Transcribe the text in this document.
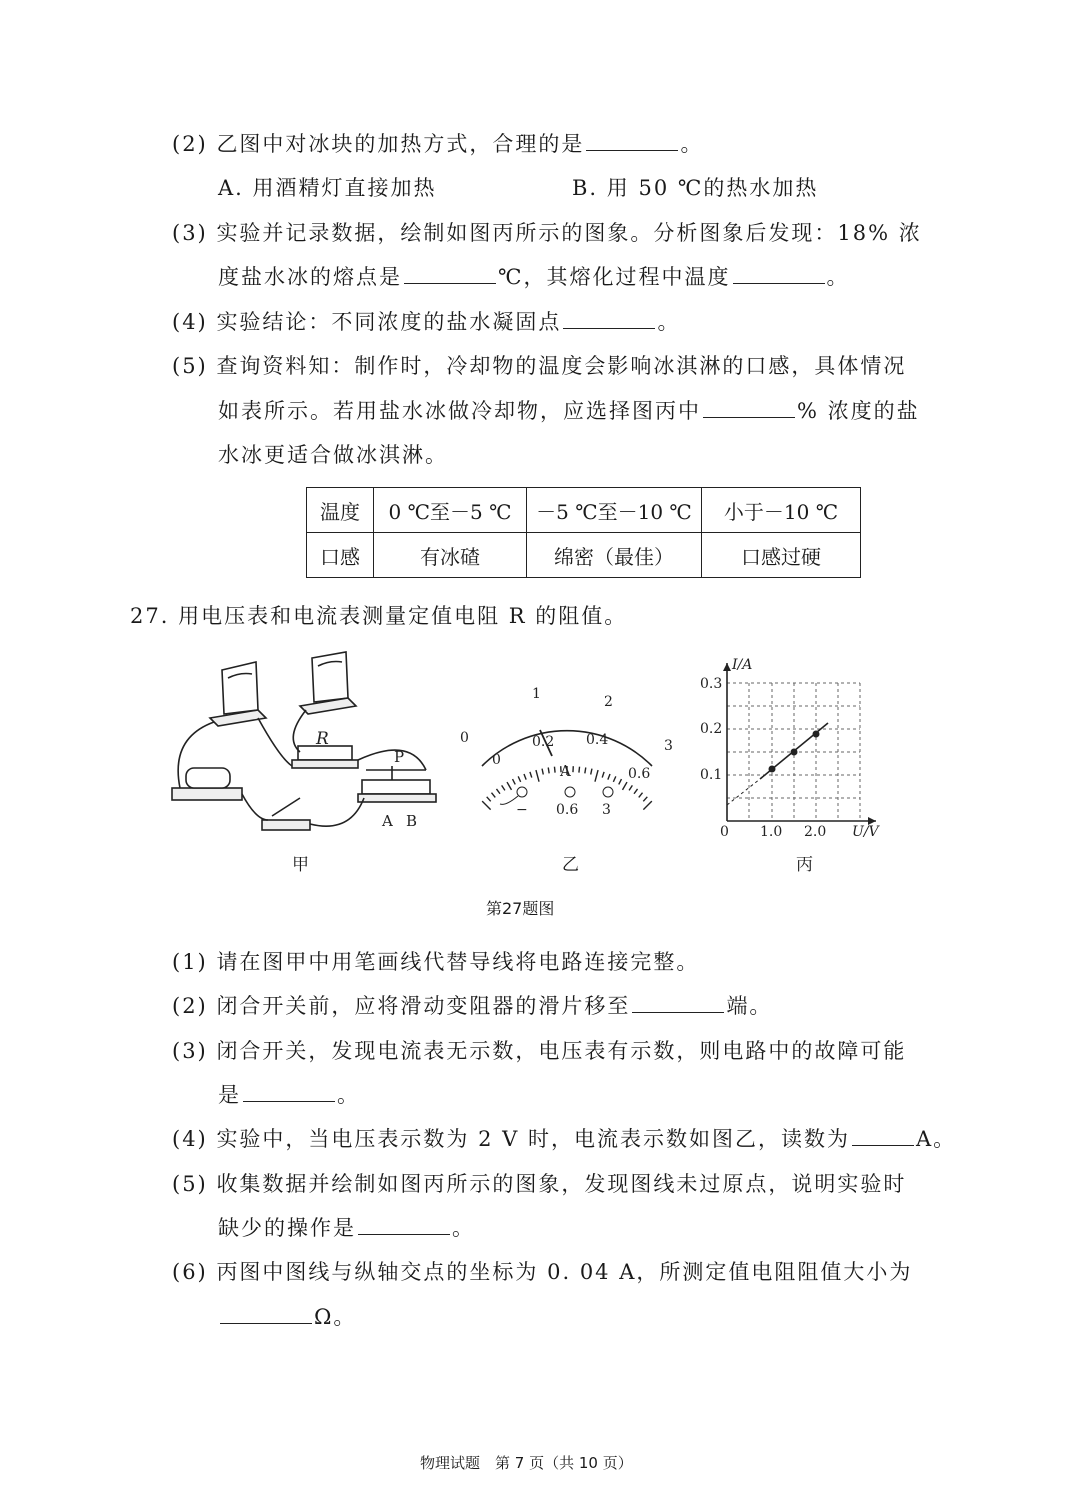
(2) 乙图中对冰块的加热方式，合理的是	。
A. 用酒精灯直接加热	B. 用 50 ℃的热水加热
(3) 实验并记录数据，绘制如图丙所示的图象。分析图象后发现：18% 浓
度盐水冰的熔点是	℃，其熔化过程中温度	。
(4) 实验结论：不同浓度的盐水凝固点	。
(5) 查询资料知：制作时，冷却物的温度会影响冰淇淋的口感，具体情况
如表所示。若用盐水冰做冷却物，应选择图丙中	% 浓度的盐
水冰更适合做冰淇淋。
温度	0 ℃至－5 ℃	－5 ℃至－10 ℃	小于－10 ℃
口感	有冰碴	绵密（最佳）	口感过硬
27. 用电压表和电流表测量定值电阻 R 的阻值。
R
P
A B
0
1	2
3
0
0.2 0.4
0.6
A
− 0.6 3
I/A
U/V
0
0.1
0.2
0.3
1.0 2.0
甲	乙	丙
第27题图
(1) 请在图甲中用笔画线代替导线将电路连接完整。
(2) 闭合开关前，应将滑动变阻器的滑片移至	端。
(3) 闭合开关，发现电流表无示数，电压表有示数，则电路中的故障可能
是	。
(4) 实验中，当电压表示数为 2 V 时，电流表示数如图乙，读数为	A。
(5) 收集数据并绘制如图丙所示的图象，发现图线未过原点，说明实验时
缺少的操作是	。
(6) 丙图中图线与纵轴交点的坐标为 0. 04 A，所测定值电阻阻值大小为
Ω。
物理试题　第 7 页（共 10 页）
